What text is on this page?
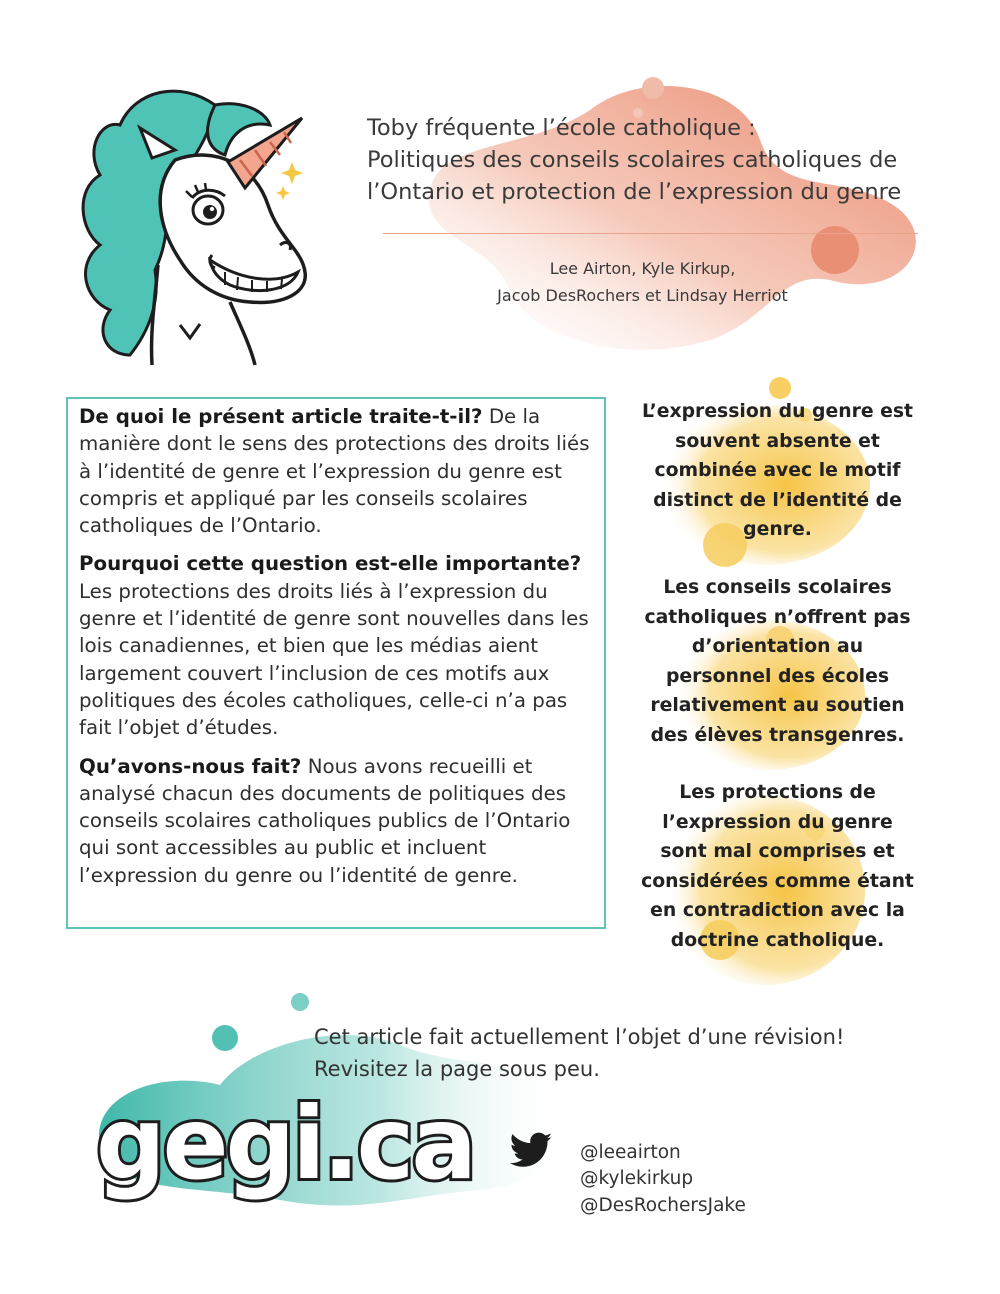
Toby fréquente l’école catholique :
Politiques des conseils scolaires catholiques de
l’Ontario et protection de l’expression du genre
Lee Airton, Kyle Kirkup,
Jacob DesRochers et Lindsay Herriot

De quoi le présent article traite-t-il? De la manière dont le sens des protections des droits liés à l’identité de genre et l’expression du genre est compris et appliqué par les conseils scolaires catholiques de l’Ontario.

Pourquoi cette question est-elle importante? Les protections des droits liés à l’expression du genre et l’identité de genre sont nouvelles dans les lois canadiennes, et bien que les médias aient largement couvert l’inclusion de ces motifs aux politiques des écoles catholiques, celle-ci n’a pas fait l’objet d’études.

Qu’avons-nous fait? Nous avons recueilli et analysé chacun des documents de politiques des conseils scolaires catholiques publics de l’Ontario qui sont accessibles au public et incluent l’expression du genre ou l’identité de genre.

L’expression du genre est souvent absente et combinée avec le motif distinct de l’identité de genre.
Les conseils scolaires catholiques n’offrent pas d’orientation au personnel des écoles relativement au soutien des élèves transgenres.
Les protections de l’expression du genre sont mal comprises et considérées comme étant en contradiction avec la doctrine catholique.
Cet article fait actuellement l’objet d’une révision!
Revisitez la page sous peu.
gegi.ca	@leeairton
@kylekirkup
@DesRochersJake
